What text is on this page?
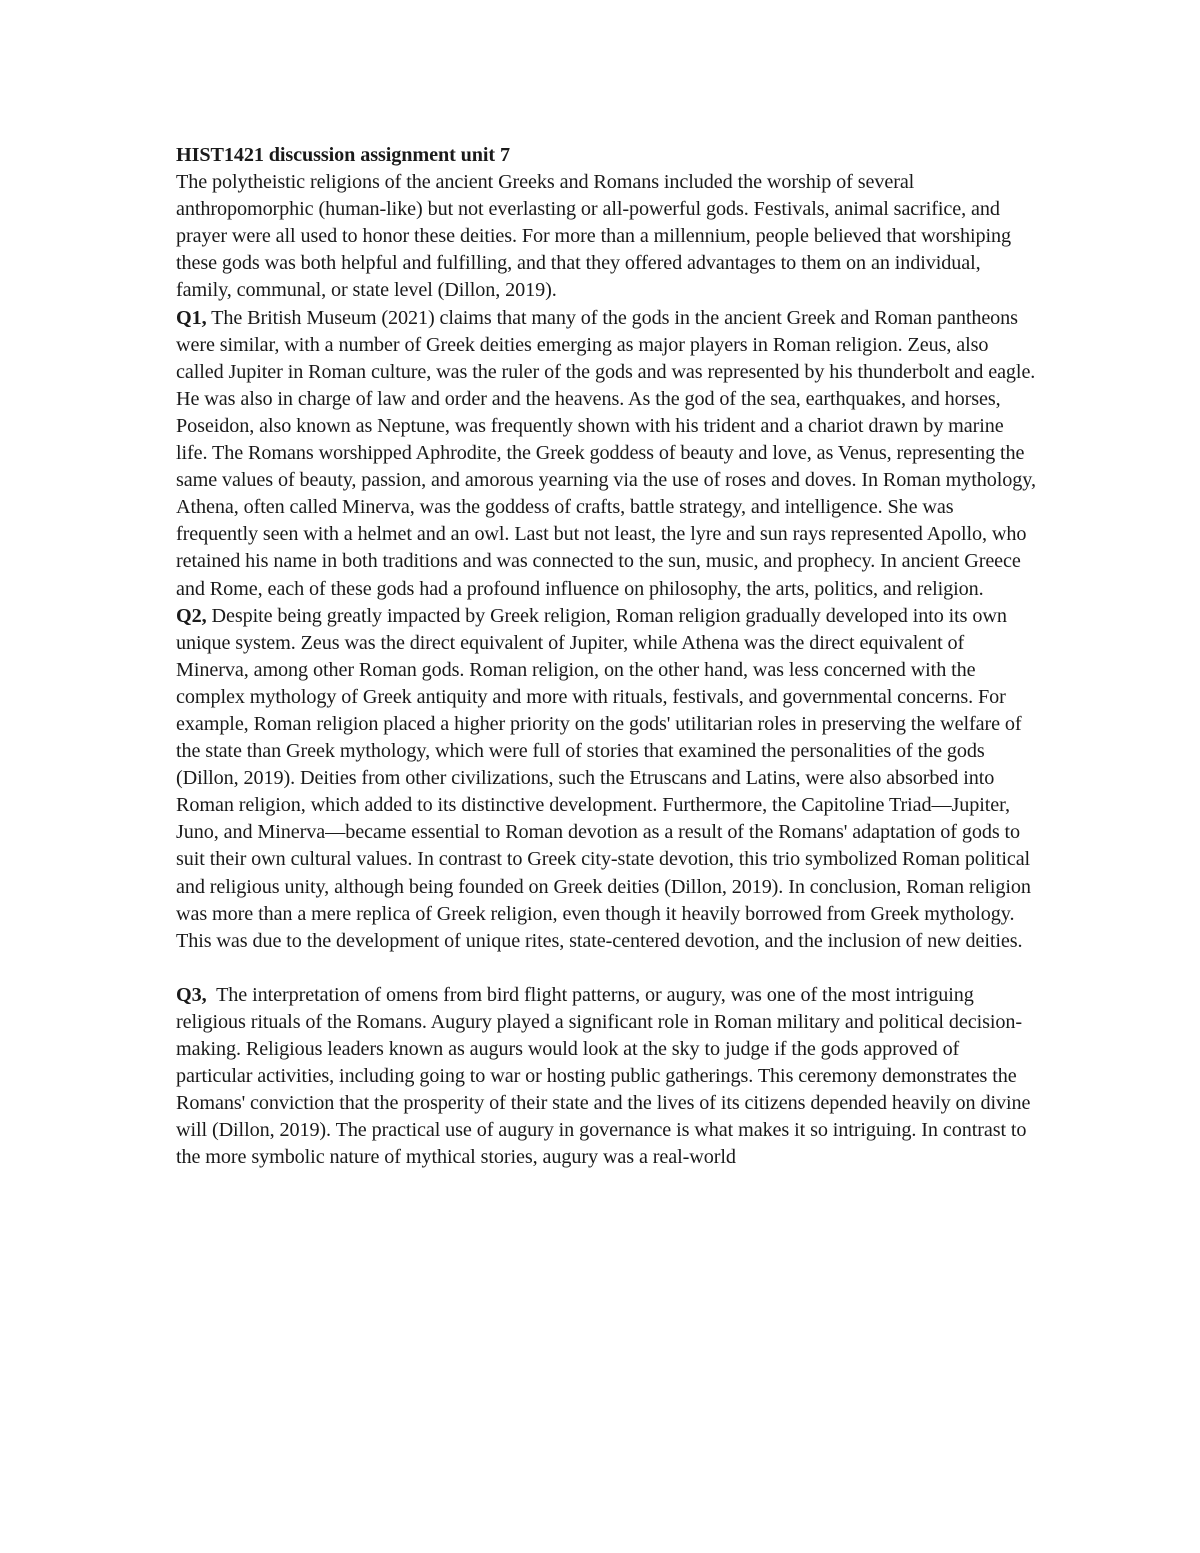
HIST1421 discussion assignment unit 7

The polytheistic religions of the ancient Greeks and Romans included the worship of several anthropomorphic (human-like) but not everlasting or all-powerful gods. Festivals, animal sacrifice, and prayer were all used to honor these deities. For more than a millennium, people believed that worshiping these gods was both helpful and fulfilling, and that they offered advantages to them on an individual, family, communal, or state level (Dillon, 2019).

Q1, The British Museum (2021) claims that many of the gods in the ancient Greek and Roman pantheons were similar, with a number of Greek deities emerging as major players in Roman religion. Zeus, also called Jupiter in Roman culture, was the ruler of the gods and was represented by his thunderbolt and eagle. He was also in charge of law and order and the heavens. As the god of the sea, earthquakes, and horses, Poseidon, also known as Neptune, was frequently shown with his trident and a chariot drawn by marine life. The Romans worshipped Aphrodite, the Greek goddess of beauty and love, as Venus, representing the same values of beauty, passion, and amorous yearning via the use of roses and doves. In Roman mythology, Athena, often called Minerva, was the goddess of crafts, battle strategy, and intelligence. She was frequently seen with a helmet and an owl. Last but not least, the lyre and sun rays represented Apollo, who retained his name in both traditions and was connected to the sun, music, and prophecy. In ancient Greece and Rome, each of these gods had a profound influence on philosophy, the arts, politics, and religion.

Q2, Despite being greatly impacted by Greek religion, Roman religion gradually developed into its own unique system. Zeus was the direct equivalent of Jupiter, while Athena was the direct equivalent of Minerva, among other Roman gods. Roman religion, on the other hand, was less concerned with the complex mythology of Greek antiquity and more with rituals, festivals, and governmental concerns. For example, Roman religion placed a higher priority on the gods' utilitarian roles in preserving the welfare of the state than Greek mythology, which were full of stories that examined the personalities of the gods (Dillon, 2019). Deities from other civilizations, such the Etruscans and Latins, were also absorbed into Roman religion, which added to its distinctive development. Furthermore, the Capitoline Triad—Jupiter, Juno, and Minerva—became essential to Roman devotion as a result of the Romans' adaptation of gods to suit their own cultural values. In contrast to Greek city-state devotion, this trio symbolized Roman political and religious unity, although being founded on Greek deities (Dillon, 2019). In conclusion, Roman religion was more than a mere replica of Greek religion, even though it heavily borrowed from Greek mythology. This was due to the development of unique rites, state-centered devotion, and the inclusion of new deities.

Q3,  The interpretation of omens from bird flight patterns, or augury, was one of the most intriguing religious rituals of the Romans. Augury played a significant role in Roman military and political decision-making. Religious leaders known as augurs would look at the sky to judge if the gods approved of particular activities, including going to war or hosting public gatherings. This ceremony demonstrates the Romans' conviction that the prosperity of their state and the lives of its citizens depended heavily on divine will (Dillon, 2019). The practical use of augury in governance is what makes it so intriguing. In contrast to the more symbolic nature of mythical stories, augury was a real-world
